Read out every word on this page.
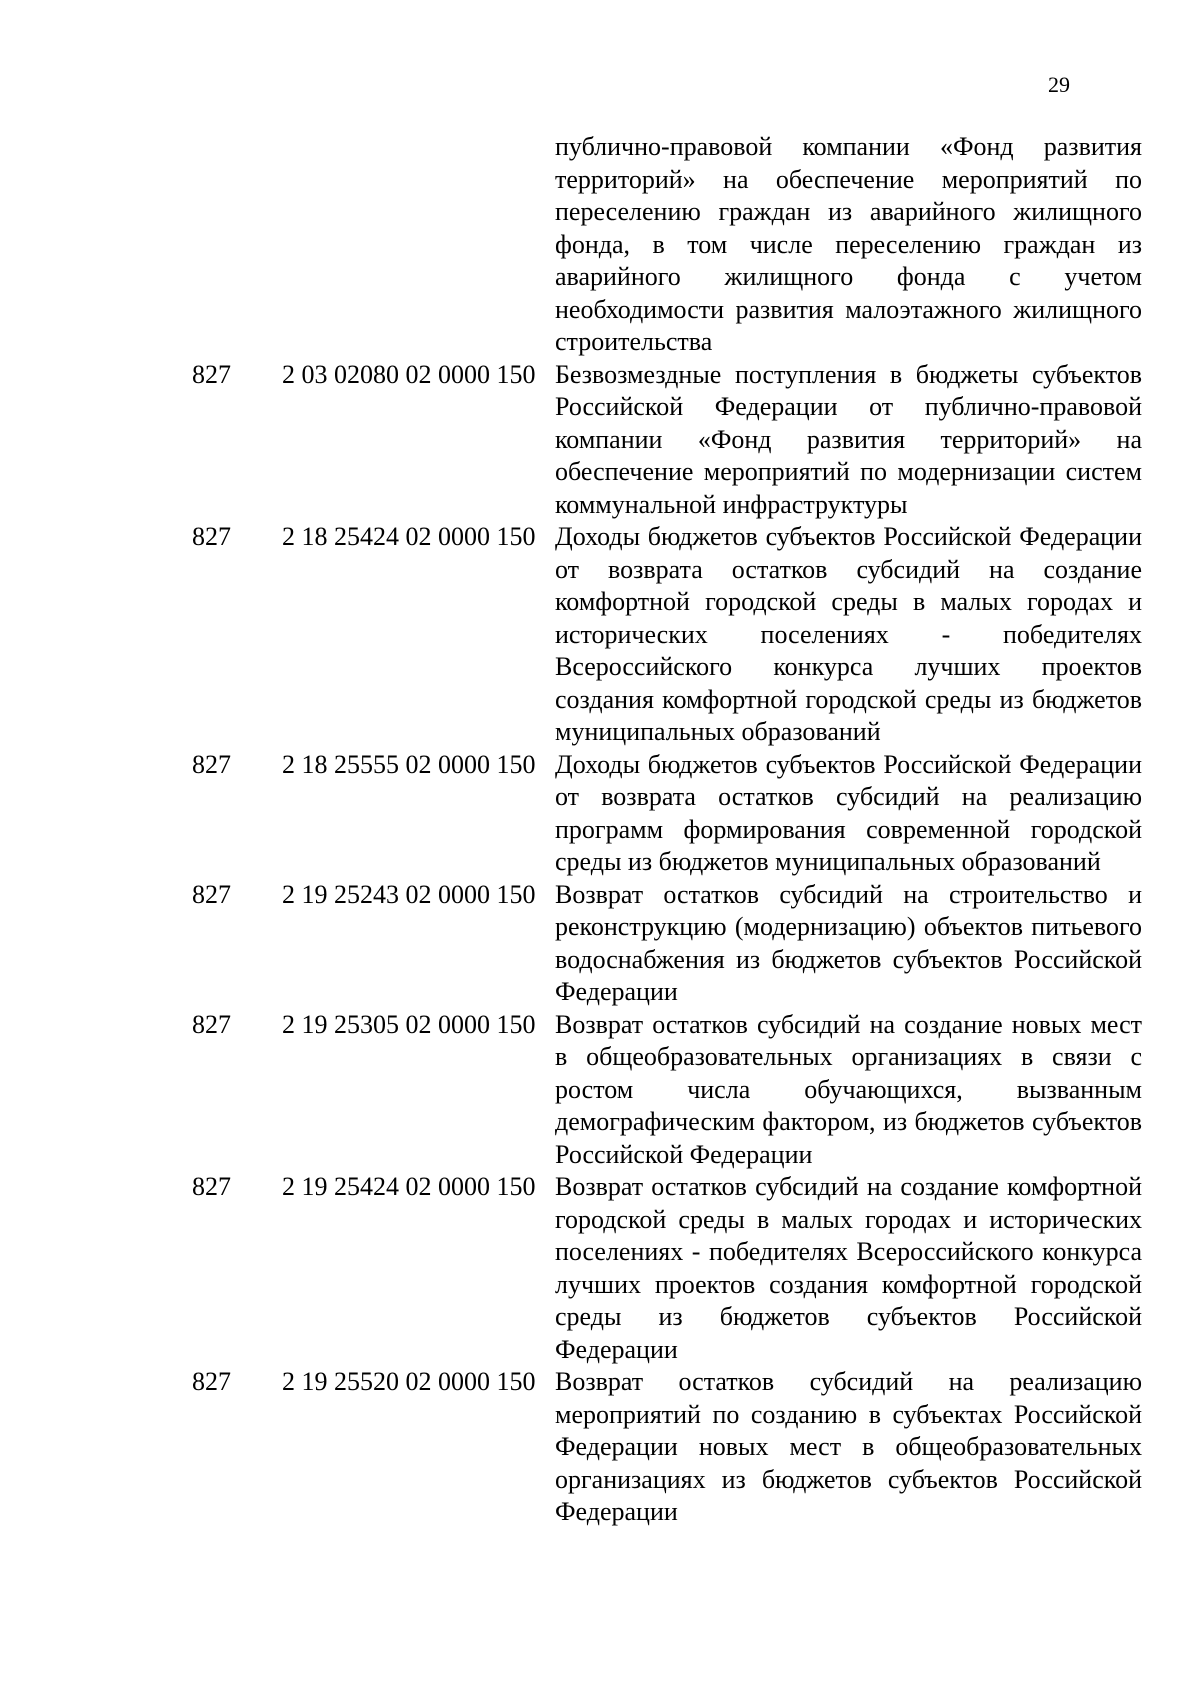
29
		публично-правовой компании «Фонд развития территорий» на обеспечение мероприятий по переселению граждан из аварийного жилищного фонда, в том числе переселению граждан из аварийного жилищного фонда с учетом необходимости развития малоэтажного жилищного строительства
827	2 03 02080 02 0000 150	Безвозмездные поступления в бюджеты субъектов Российской Федерации от публично-правовой компании «Фонд развития территорий» на обеспечение мероприятий по модернизации систем коммунальной инфраструктуры
827	2 18 25424 02 0000 150	Доходы бюджетов субъектов Российской Федерации от возврата остатков субсидий на создание комфортной городской среды в малых городах и исторических поселениях - победителях Всероссийского конкурса лучших проектов создания комфортной городской среды из бюджетов муниципальных образований
827	2 18 25555 02 0000 150	Доходы бюджетов субъектов Российской Федерации от возврата остатков субсидий на реализацию программ формирования современной городской среды из бюджетов муниципальных образований
827	2 19 25243 02 0000 150	Возврат остатков субсидий на строительство и реконструкцию (модернизацию) объектов питьевого водоснабжения из бюджетов субъектов Российской Федерации
827	2 19 25305 02 0000 150	Возврат остатков субсидий на создание новых мест в общеобразовательных организациях в связи с ростом числа обучающихся, вызванным демографическим фактором, из бюджетов субъектов Российской Федерации
827	2 19 25424 02 0000 150	Возврат остатков субсидий на создание комфортной городской среды в малых городах и исторических поселениях - победителях Всероссийского конкурса лучших проектов создания комфортной городской среды из бюджетов субъектов Российской Федерации
827	2 19 25520 02 0000 150	Возврат остатков субсидий на реализацию мероприятий по созданию в субъектах Российской Федерации новых мест в общеобразовательных организациях из бюджетов субъектов Российской Федерации
